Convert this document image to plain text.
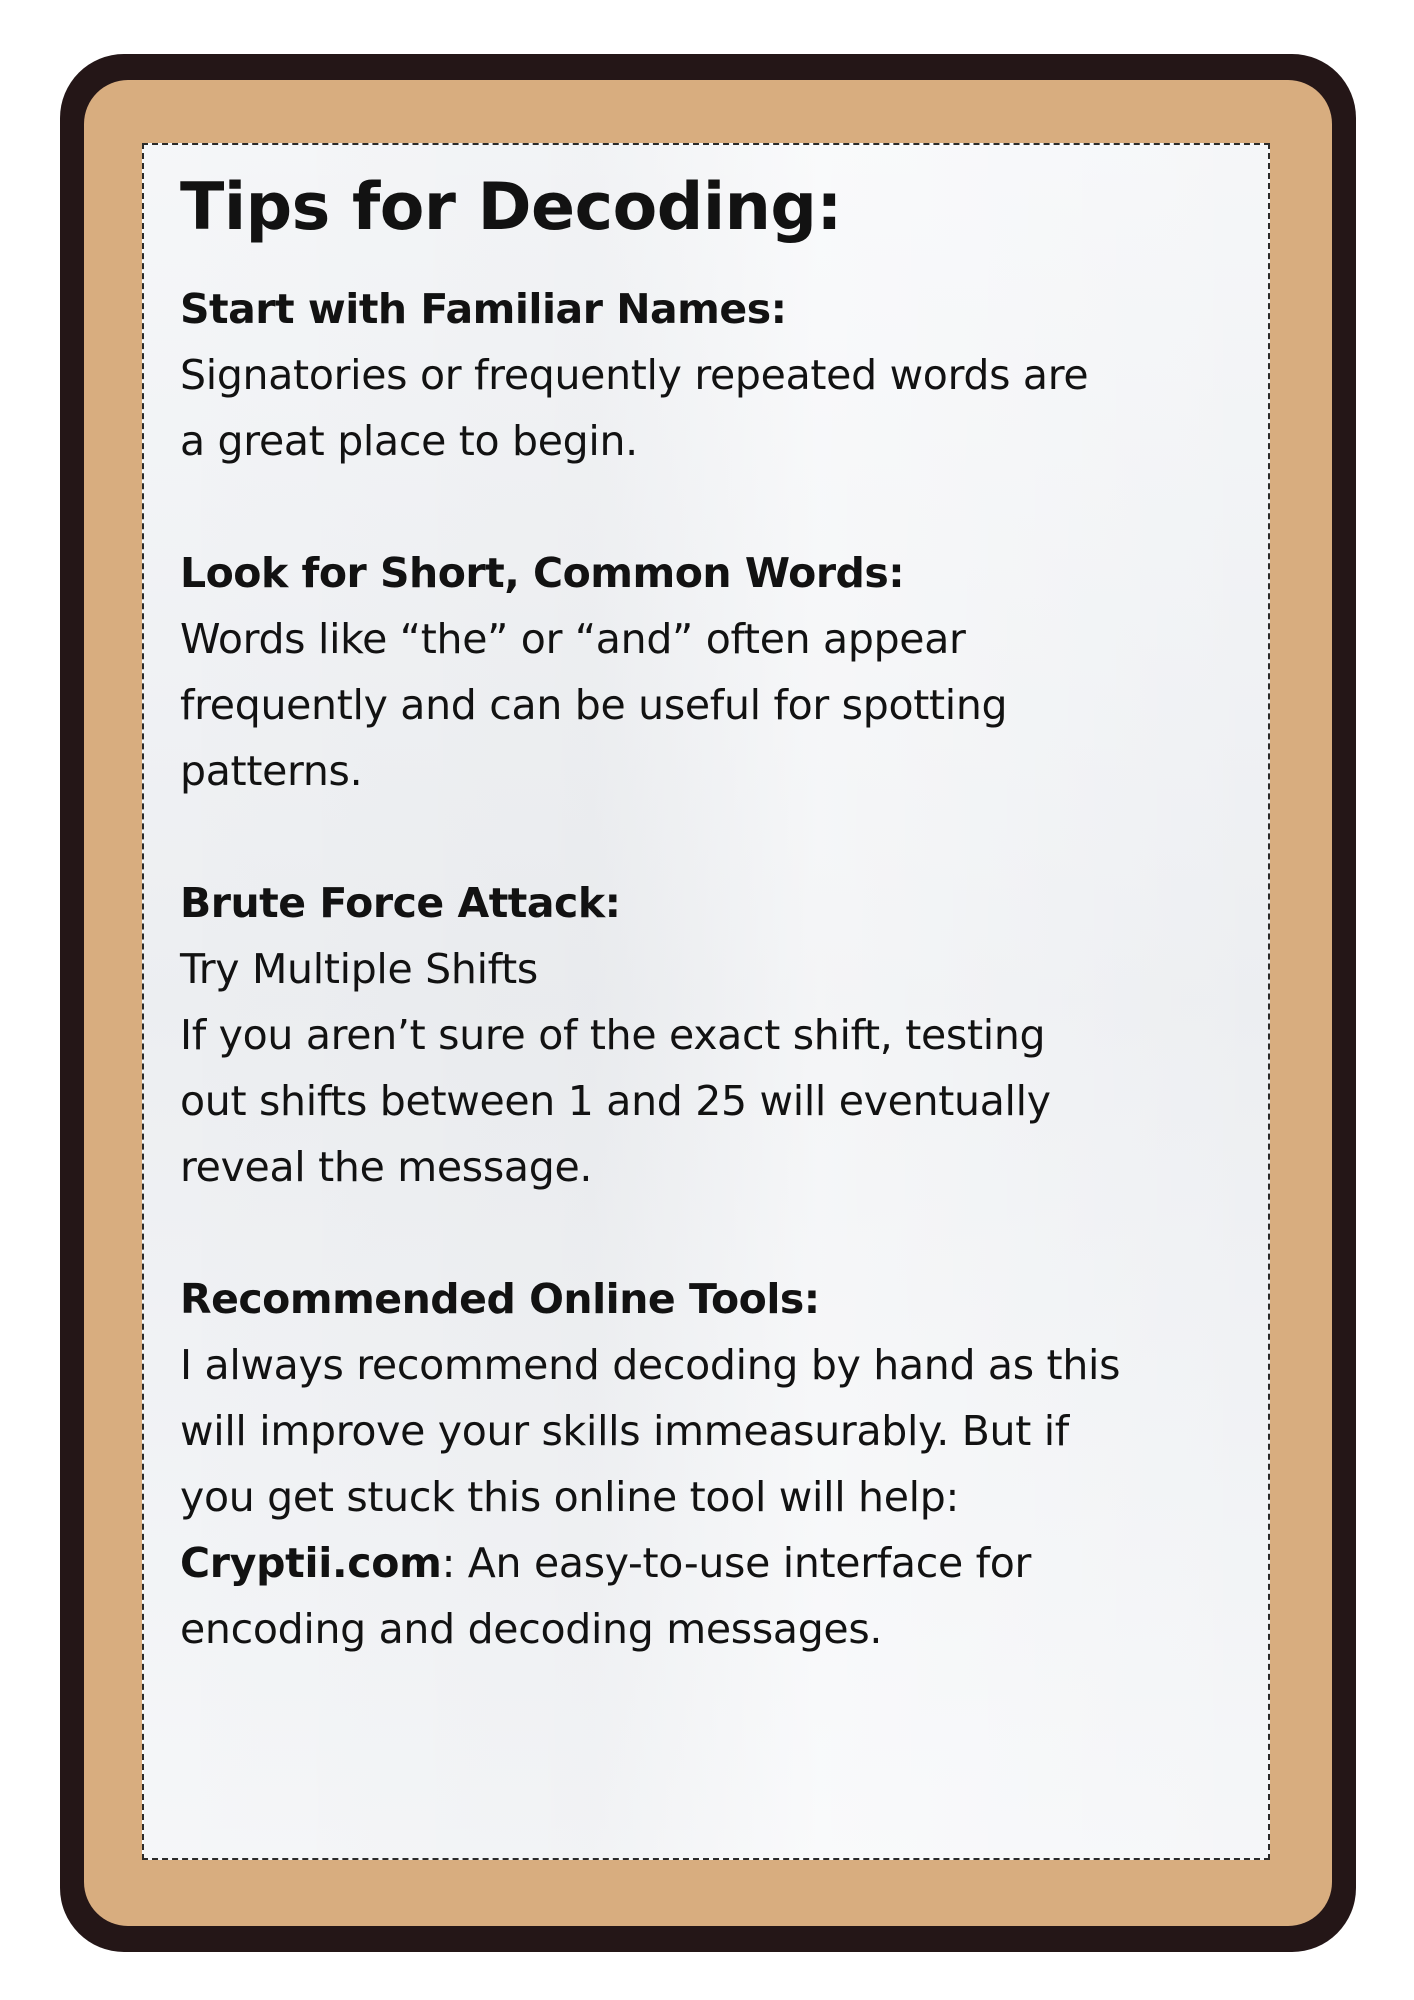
Tips for Decoding:
Start with Familiar Names:
Signatories or frequently repeated words are
a great place to begin.
Look for Short, Common Words:
Words like “the” or “and” often appear
frequently and can be useful for spotting
patterns.
Brute Force Attack:
Try Multiple Shifts
If you aren’t sure of the exact shift, testing
out shifts between 1 and 25 will eventually
reveal the message.
Recommended Online Tools:
I always recommend decoding by hand as this
will improve your skills immeasurably. But if
you get stuck this online tool will help:
Cryptii.com: An easy-to-use interface for
encoding and decoding messages.
